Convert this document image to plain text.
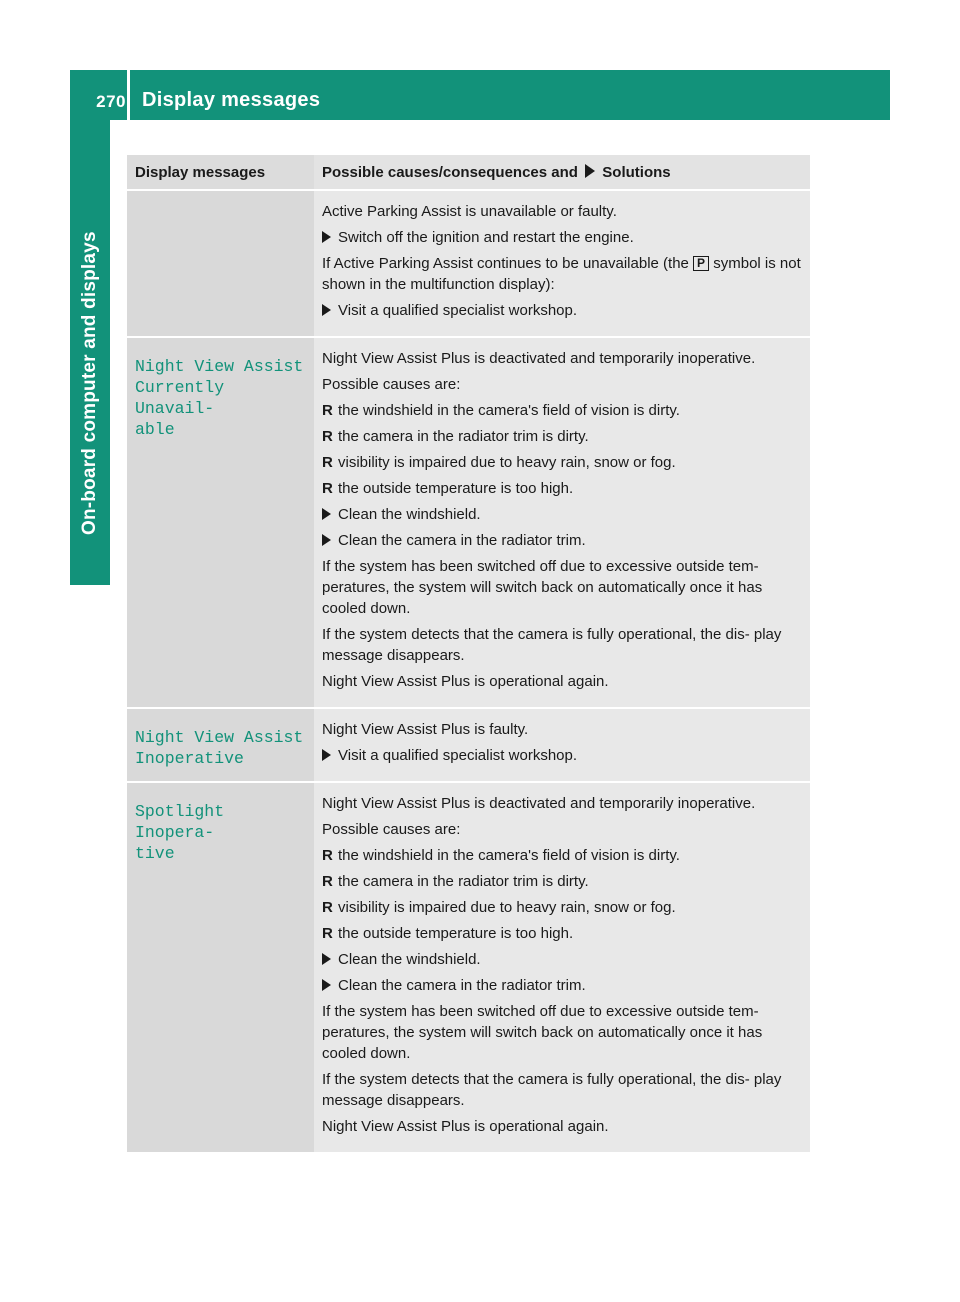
270 Display messages
On-board computer and displays
Display messages	Possible causes/consequences and Solutions
Active Parking Assist is unavailable or faulty.
Switch off the ignition and restart the engine.
If Active Parking Assist continues to be unavailable (the P symbol is not shown in the multifunction display):
Visit a qualified specialist workshop.
Night View Assist
Currently Unavail‐
able
Night View Assist Plus is deactivated and temporarily inoperative.
Possible causes are:
R the windshield in the camera's field of vision is dirty.
R the camera in the radiator trim is dirty.
R visibility is impaired due to heavy rain, snow or fog.
R the outside temperature is too high.
Clean the windshield.
Clean the camera in the radiator trim.
If the system has been switched off due to excessive outside tem‐ peratures, the system will switch back on automatically once it has cooled down.
If the system detects that the camera is fully operational, the dis‐ play message disappears.
Night View Assist Plus is operational again.
Night View Assist
Inoperative
Night View Assist Plus is faulty.
Visit a qualified specialist workshop.
Spotlight Inopera‐
tive
Night View Assist Plus is deactivated and temporarily inoperative.
Possible causes are:
R the windshield in the camera's field of vision is dirty.
R the camera in the radiator trim is dirty.
R visibility is impaired due to heavy rain, snow or fog.
R the outside temperature is too high.
Clean the windshield.
Clean the camera in the radiator trim.
If the system has been switched off due to excessive outside tem‐ peratures, the system will switch back on automatically once it has cooled down.
If the system detects that the camera is fully operational, the dis‐ play message disappears.
Night View Assist Plus is operational again.
